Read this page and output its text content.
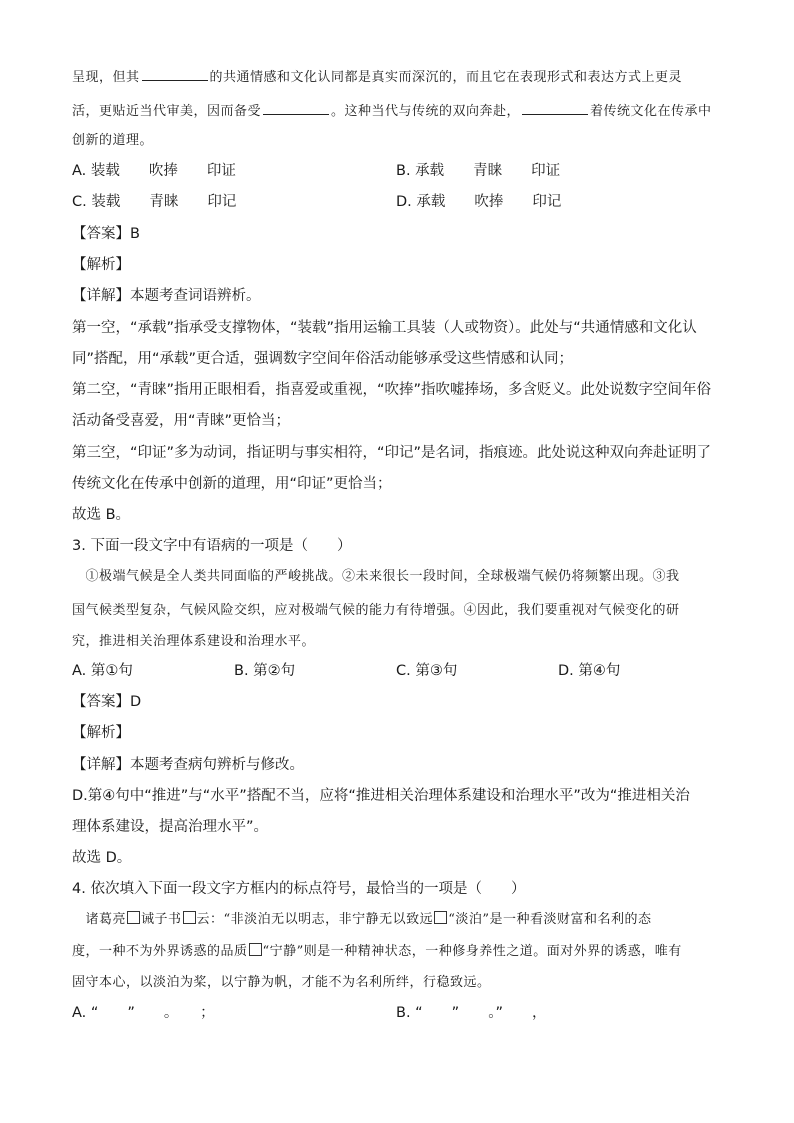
呈现，但其	的共通情感和文化认同都是真实而深沉的，而且它在表现形式和表达方式上更灵
活，更贴近当代审美，因而备受	。这种当代与传统的双向奔赴，	着传统文化在传承中
创新的道理。
A. 装载　　吹捧　　印证	B. 承载　　青睐　　印证
C. 装载　　青睐　　印记	D. 承载　　吹捧　　印记
【答案】B
【解析】
【详解】本题考查词语辨析。
第一空，“承载”指承受支撑物体，“装载”指用运输工具装（人或物资）。此处与“共通情感和文化认
同”搭配，用“承载”更合适，强调数字空间年俗活动能够承受这些情感和认同；
第二空，“青睐”指用正眼相看，指喜爱或重视，“吹捧”指吹嘘捧场，多含贬义。此处说数字空间年俗
活动备受喜爱，用“青睐”更恰当；
第三空，“印证”多为动词，指证明与事实相符，“印记”是名词，指痕迹。此处说这种双向奔赴证明了
传统文化在传承中创新的道理，用“印证”更恰当；
故选 B。
3. 下面一段文字中有语病的一项是（　　）
　①极端气候是全人类共同面临的严峻挑战。②未来很长一段时间，全球极端气候仍将频繁出现。③我
国气候类型复杂，气候风险交织，应对极端气候的能力有待增强。④因此，我们要重视对气候变化的研
究，推进相关治理体系建设和治理水平。
A. 第①句	B. 第②句	C. 第③句	D. 第④句
【答案】D
【解析】
【详解】本题考查病句辨析与修改。
D.第④句中“推进”与“水平”搭配不当，应将“推进相关治理体系建设和治理水平”改为“推进相关治
理体系建设，提高治理水平”。
故选 D。
4. 依次填入下面一段文字方框内的标点符号，最恰当的一项是（　　）
　诸葛亮 诫子书 云：“非淡泊无以明志，非宁静无以致远 “淡泊”是一种看淡财富和名利的态
度，一种不为外界诱惑的品质 “宁静”则是一种精神状态，一种修身养性之道。面对外界的诱惑，唯有
固守本心，以淡泊为桨，以宁静为帆，才能不为名利所绊，行稳致远。
A. “　　”　　。　　；	B. “　　”　　。”　　，
